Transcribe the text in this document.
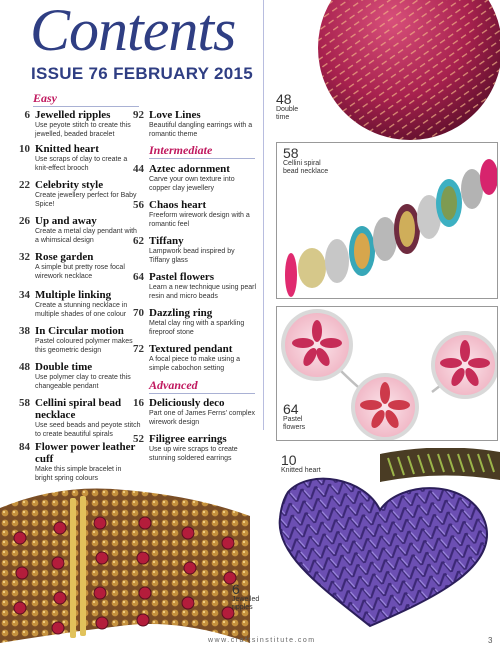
Contents
ISSUE 76 FEBRUARY 2015
Easy
6 Jewelled ripples
Use peyote stitch to create this jewelled, beaded bracelet
10 Knitted heart
Use scraps of clay to create a knit-effect brooch
22 Celebrity style
Create jewellery perfect for Baby Spice!
26 Up and away
Create a metal clay pendant with a whimsical design
32 Rose garden
A simple but pretty rose focal wirework necklace
34 Multiple linking
Create a stunning necklace in multiple shades of one colour
38 In Circular motion
Pastel coloured polymer makes this geometric design
48 Double time
Use polymer clay to create this changeable pendant
58 Cellini spiral bead necklace
Use seed beads and peyote stitch to create beautiful spirals
84 Flower power leather cuff
Make this simple bracelet in bright spring colours
92 Love Lines
Beautiful dangling earrings with a romantic theme
Intermediate
44 Aztec adornment
Carve your own texture into copper clay jewellery
56 Chaos heart
Freeform wirework design with a romantic feel
62 Tiffany
Lampwork bead inspired by Tiffany glass
64 Pastel flowers
Learn a new technique using pearl resin and micro beads
70 Dazzling ring
Metal clay ring with a sparkling fireproof stone
72 Textured pendant
A focal piece to make using a simple cabochon setting
Advanced
16 Deliciously deco
Part one of James Ferns' complex wirework design
52 Filigree earrings
Use up wire scraps to create stunning soldered earrings
48
Double time
58
Cellini spiral bead necklace
64
Pastel flowers
10
Knitted heart
6
Jewelled ripples
www.craftsinstitute.com	3
